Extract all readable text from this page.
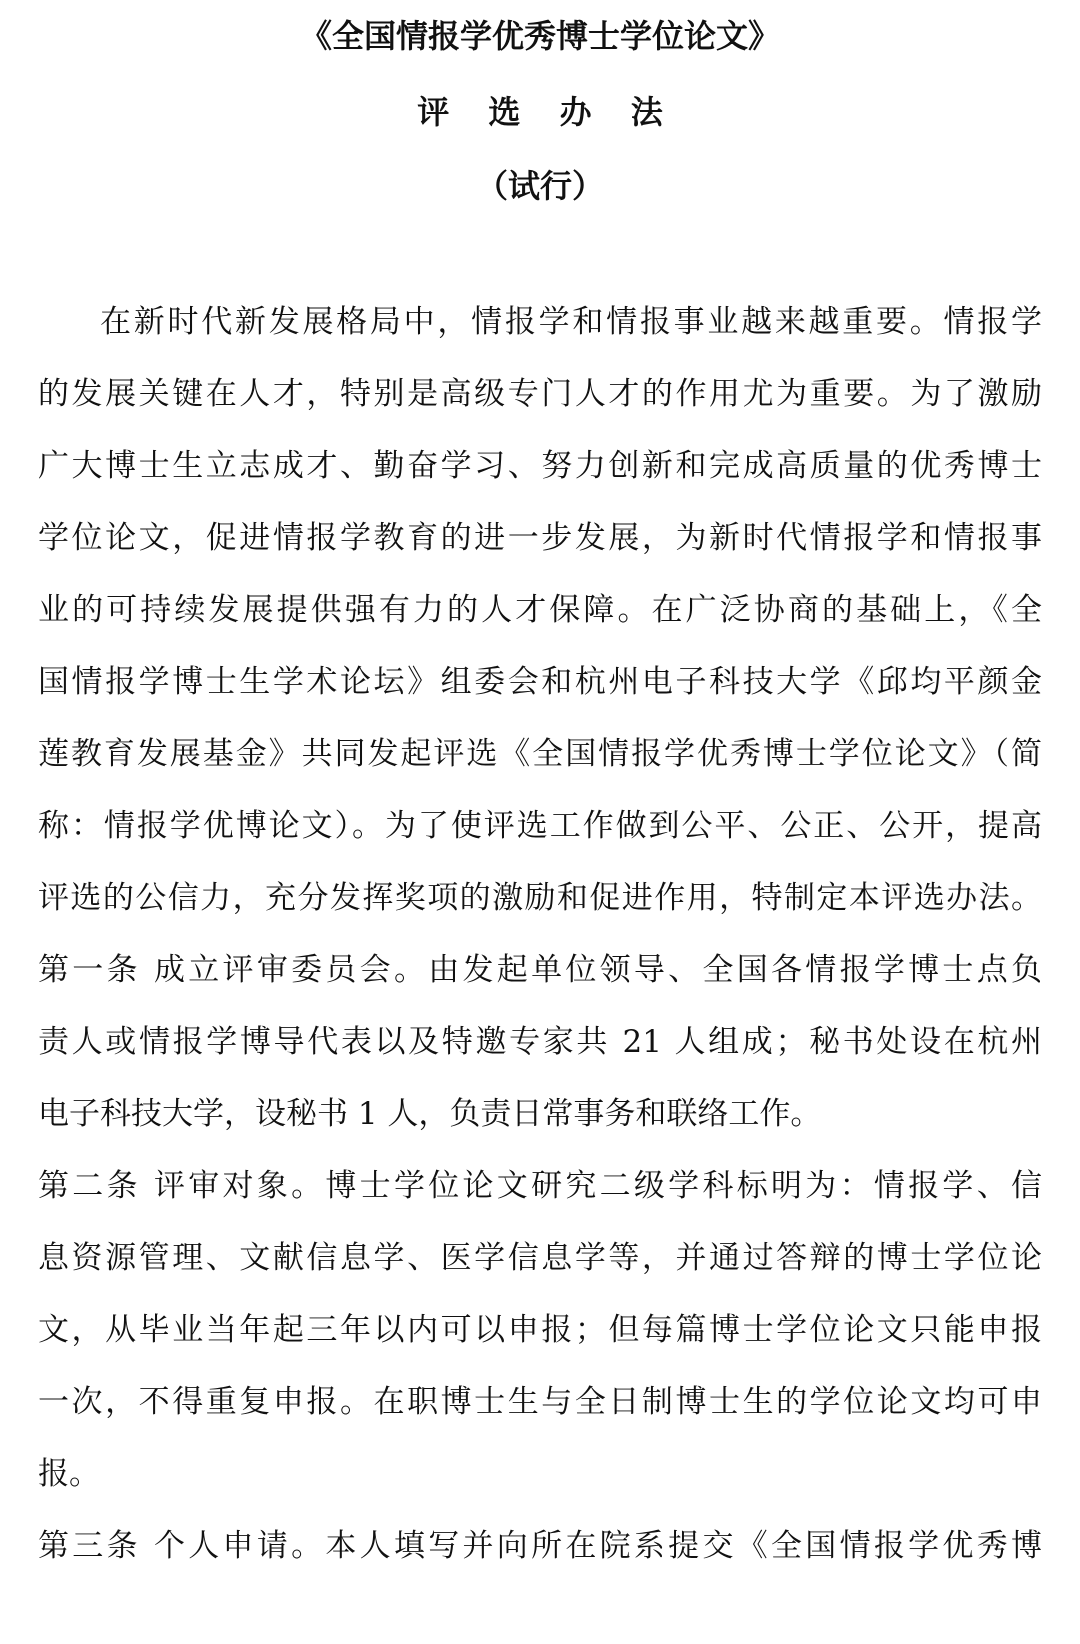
《全国情报学优秀博士学位论文》
评 选 办 法
（试行）
在新时代新发展格局中，情报学和情报事业越来越重要。情报学
的发展关键在人才，特别是高级专门人才的作用尤为重要。为了激励
广大博士生立志成才、勤奋学习、努力创新和完成高质量的优秀博士
学位论文，促进情报学教育的进一步发展，为新时代情报学和情报事
业的可持续发展提供强有力的人才保障。在广泛协商的基础上，《全
国情报学博士生学术论坛》组委会和杭州电子科技大学《邱均平颜金
莲教育发展基金》共同发起评选《全国情报学优秀博士学位论文》（简
称：情报学优博论文）。为了使评选工作做到公平、公正、公开，提高
评选的公信力，充分发挥奖项的激励和促进作用，特制定本评选办法。
第一条 成立评审委员会。由发起单位领导、全国各情报学博士点负
责人或情报学博导代表以及特邀专家共 21 人组成；秘书处设在杭州
电子科技大学，设秘书 1 人，负责日常事务和联络工作。
第二条 评审对象。博士学位论文研究二级学科标明为：情报学、信
息资源管理、文献信息学、医学信息学等，并通过答辩的博士学位论
文，从毕业当年起三年以内可以申报；但每篇博士学位论文只能申报
一次，不得重复申报。在职博士生与全日制博士生的学位论文均可申
报。
第三条 个人申请。本人填写并向所在院系提交《全国情报学优秀博
